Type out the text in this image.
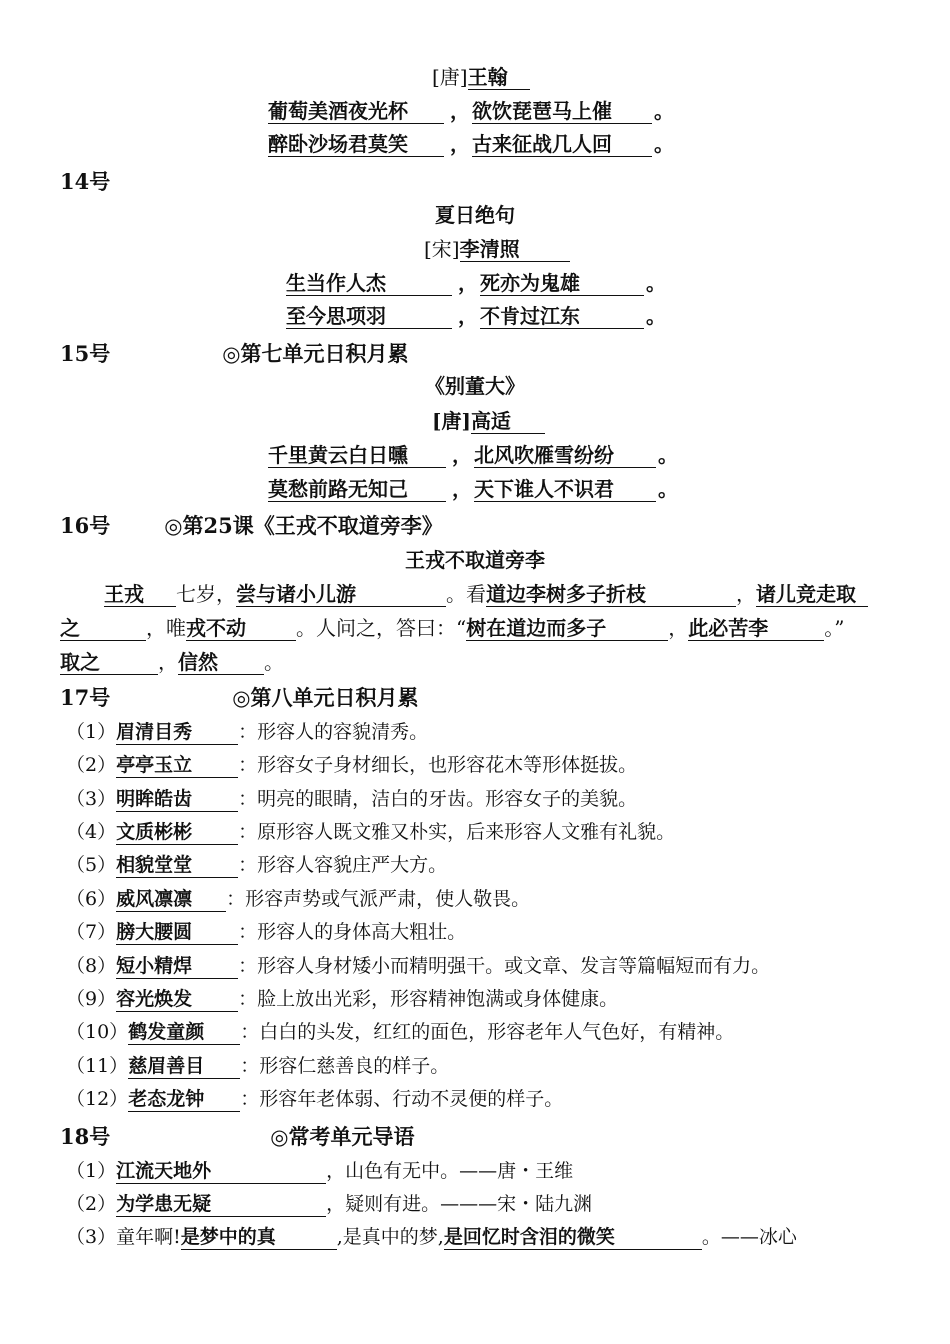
[唐]王翰
葡萄美酒夜光杯 ， 欲饮琵琶马上催 。
醉卧沙场君莫笑 ， 古来征战几人回 。
14号
夏日绝句
[宋]李清照
生当作人杰	， 死亦为鬼雄	。
至今思项羽	， 不肯过江东	。
15号	◎第七单元日积月累
《别董大》
[唐]高适
千里黄云白日曛 ， 北风吹雁雪纷纷 。
莫愁前路无知己 ， 天下谁人不识君 。
16号	◎第25课《王戎不取道旁李》
王戎不取道旁李
王戎 七岁，尝与诸小儿游	。看道边李树多子折枝	，诸儿竞走取
之	，唯戎不动	。人问之，答曰：“树在道边而多子	，此必苦李	。”
取之	，信然 。
17号	◎第八单元日积月累
（1）眉清目秀 ：形容人的容貌清秀。
（2）亭亭玉立 ：形容女子身材细长，也形容花木等形体挺拔。
（3）明眸皓齿 ：明亮的眼睛，洁白的牙齿。形容女子的美貌。
（4）文质彬彬 ：原形容人既文雅又朴实，后来形容人文雅有礼貌。
（5）相貌堂堂 ：形容人容貌庄严大方。
（6）威风凛凛 ：形容声势或气派严肃，使人敬畏。
（7）膀大腰圆 ：形容人的身体高大粗壮。
（8）短小精焊 ：形容人身材矮小而精明强干。或文章、发言等篇幅短而有力。
（9）容光焕发 ：脸上放出光彩，形容精神饱满或身体健康。
（10）鹤发童颜 ：白白的头发，红红的面色，形容老年人气色好，有精神。
（11）慈眉善目 ：形容仁慈善良的样子。
（12）老态龙钟 ：形容年老体弱、行动不灵便的样子。
18号	◎常考单元导语
（1）江流天地外	，山色有无中。——唐・王维
（2）为学患无疑	，疑则有进。———宋・陆九渊
（3）童年啊!是梦中的真	,是真中的梦,是回忆时含泪的微笑	。——冰心
